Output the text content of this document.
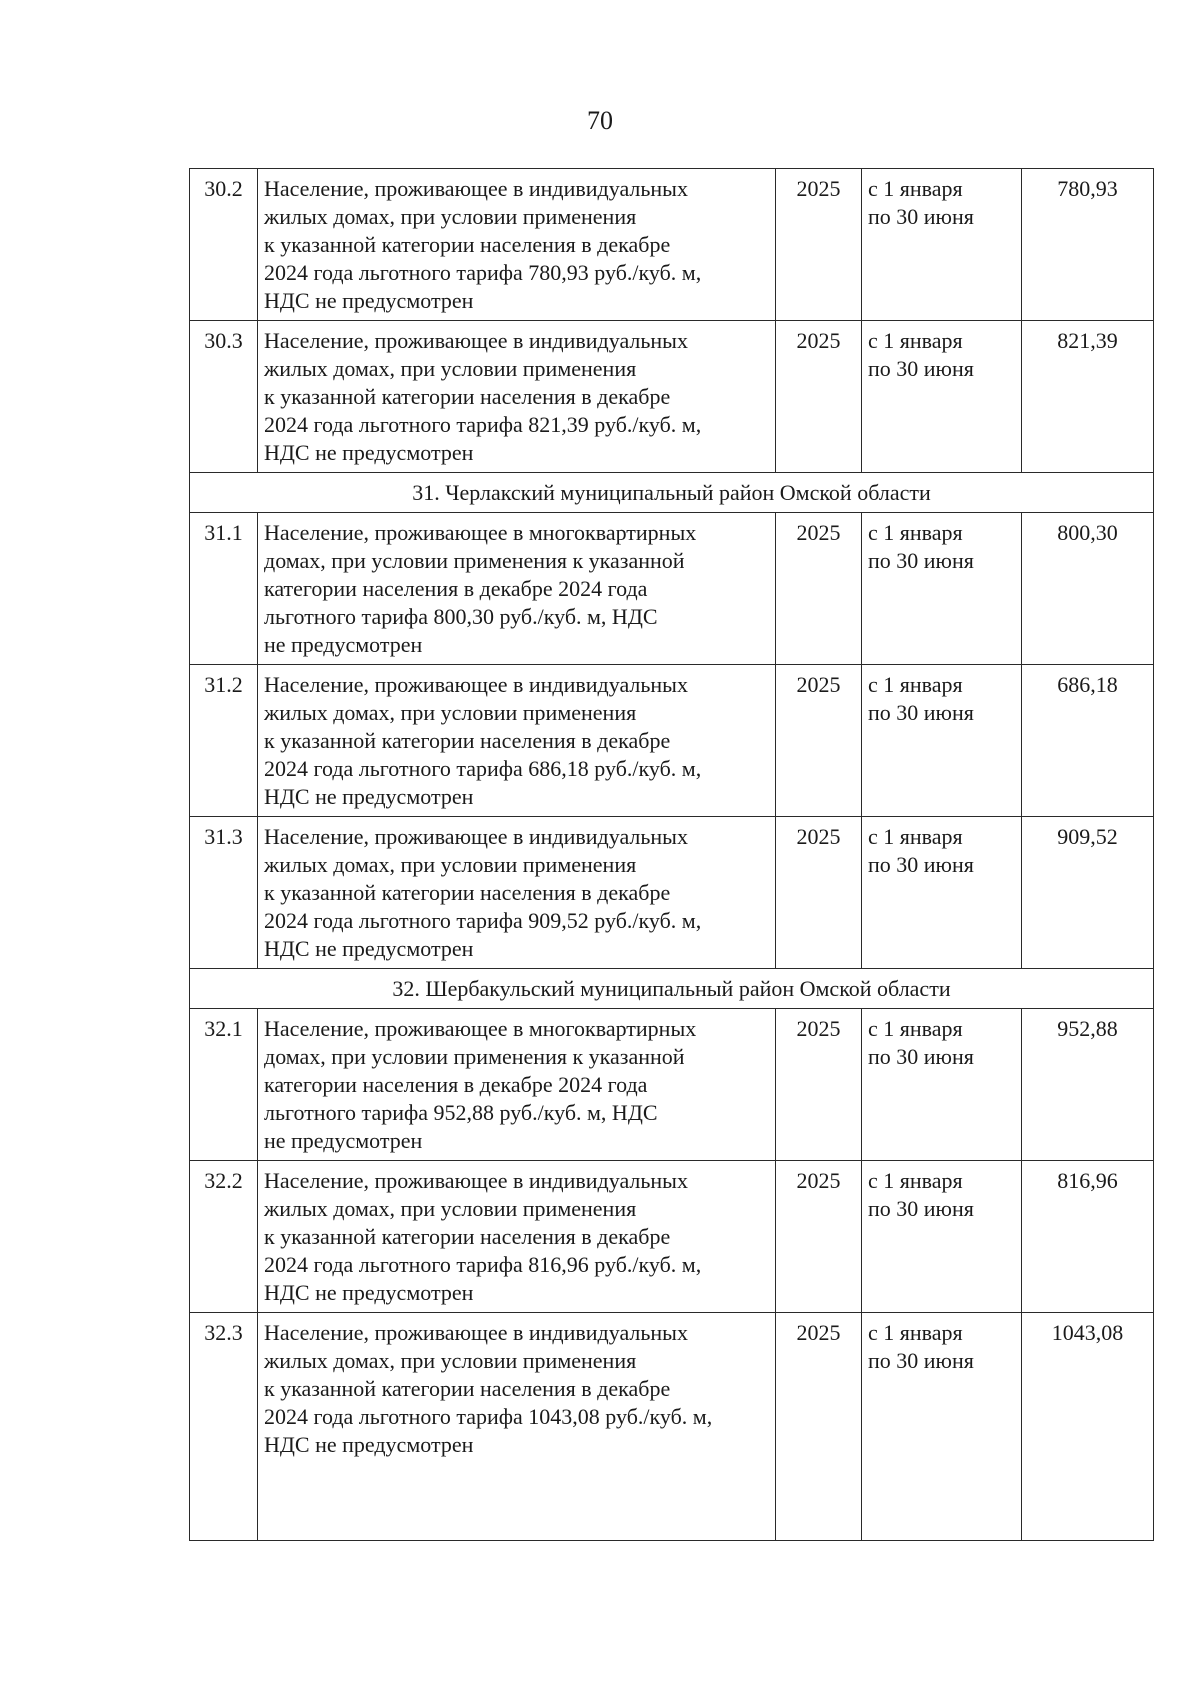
70
30.2	Население, проживающее в индивидуальных
жилых домах, при условии применения
к указанной категории населения в декабре
2024 года льготного тарифа 780,93 руб./куб. м,
НДС не предусмотрен	2025	с 1 января
по 30 июня	780,93
30.3	Население, проживающее в индивидуальных
жилых домах, при условии применения
к указанной категории населения в декабре
2024 года льготного тарифа 821,39 руб./куб. м,
НДС не предусмотрен	2025	с 1 января
по 30 июня	821,39
31. Черлакский муниципальный район Омской области				
31.1	Население, проживающее в многоквартирных
домах, при условии применения к указанной
категории населения в декабре 2024 года
льготного тарифа 800,30 руб./куб. м, НДС
не предусмотрен	2025	с 1 января
по 30 июня	800,30
31.2	Население, проживающее в индивидуальных
жилых домах, при условии применения
к указанной категории населения в декабре
2024 года льготного тарифа 686,18 руб./куб. м,
НДС не предусмотрен	2025	с 1 января
по 30 июня	686,18
31.3	Население, проживающее в индивидуальных
жилых домах, при условии применения
к указанной категории населения в декабре
2024 года льготного тарифа 909,52 руб./куб. м,
НДС не предусмотрен	2025	с 1 января
по 30 июня	909,52
32. Шербакульский муниципальный район Омской области				
32.1	Население, проживающее в многоквартирных
домах, при условии применения к указанной
категории населения в декабре 2024 года
льготного тарифа 952,88 руб./куб. м, НДС
не предусмотрен	2025	с 1 января
по 30 июня	952,88
32.2	Население, проживающее в индивидуальных
жилых домах, при условии применения
к указанной категории населения в декабре
2024 года льготного тарифа 816,96 руб./куб. м,
НДС не предусмотрен	2025	с 1 января
по 30 июня	816,96
32.3	Население, проживающее в индивидуальных
жилых домах, при условии применения
к указанной категории населения в декабре
2024 года льготного тарифа 1043,08 руб./куб. м,
НДС не предусмотрен	2025	с 1 января
по 30 июня	1043,08
